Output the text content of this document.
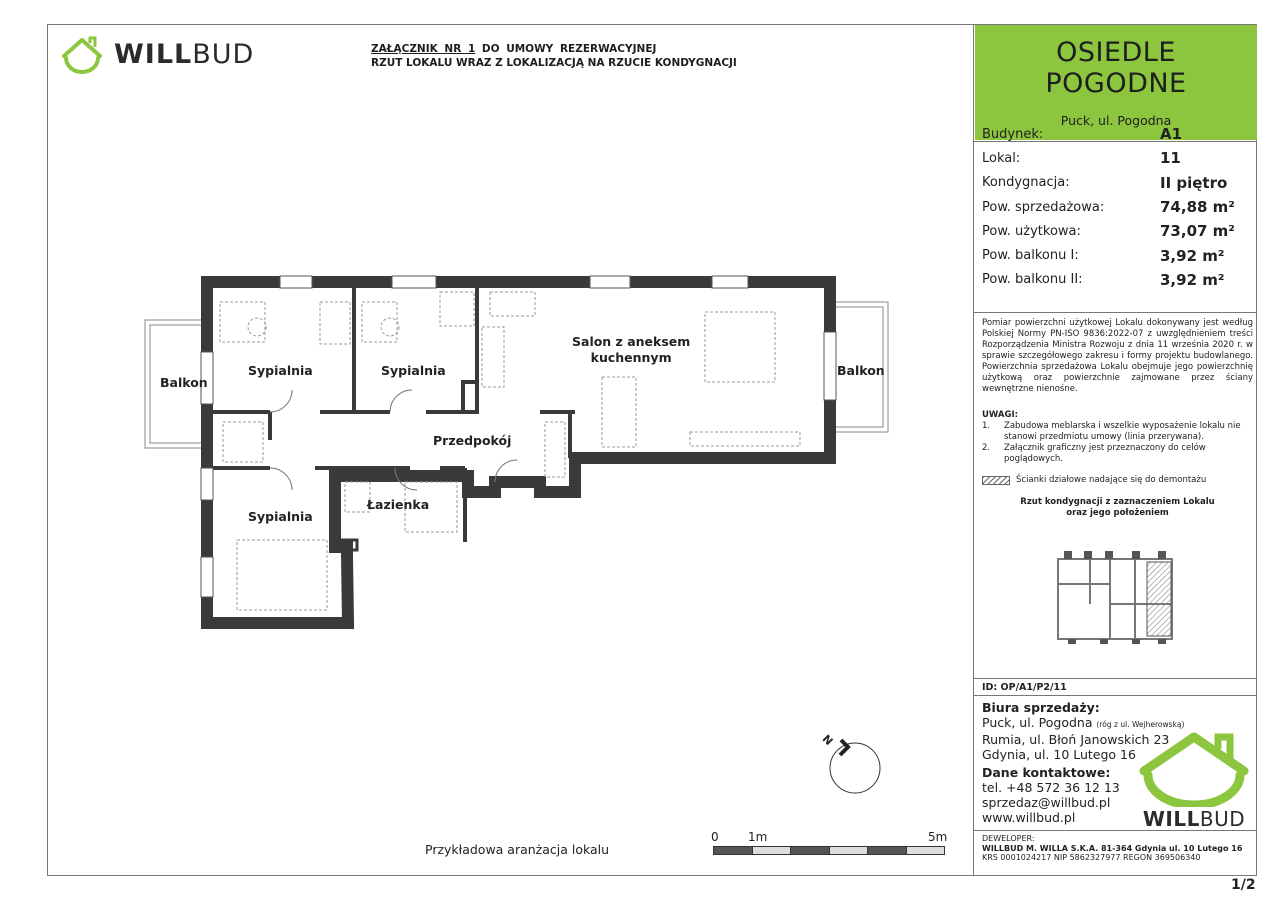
WILLBUD	ZAŁĄCZNIK NR 1 DO UMOWY REZERWACYJNEJ
RZUT LOKALU WRAZ Z LOKALIZACJĄ NA RZUCIE KONDYGNACJI
Balkon
Sypialnia	Sypialnia
Salon z aneksem
kuchennym
Balkon
Przedpokój
Łazienka
Sypialnia
N
0 1m	5m
Przykładowa aranżacja lokalu
OSIEDLE
POGODNE
Puck, ul. Pogodna
Budynek:	A1
Lokal:	11
Kondygnacja:	II piętro
Pow. sprzedażowa:	74,88 m²
Pow. użytkowa:	73,07 m²
Pow. balkonu I:	3,92 m²
Pow. balkonu II:	3,92 m²
Pomiar powierzchni użytkowej Lokalu dokonywany jest według Polskiej Normy PN-ISO 9836:2022-07 z uwzględnieniem treści Rozporządzenia Ministra Rozwoju z dnia 11 września 2020 r. w sprawie szczegółowego zakresu i formy projektu budowlanego. Powierzchnia sprzedażowa Lokalu obejmuje jego powierzchnię użytkową oraz powierzchnie zajmowane przez ściany wewnętrzne nienośne.
UWAGI:
1.	Zabudowa meblarska i wszelkie wyposażenie lokalu nie stanowi przedmiotu umowy (linia przerywana).
2.	Załącznik graficzny jest przeznaczony do celów poglądowych.
Ścianki działowe nadające się do demontażu
Rzut kondygnacji z zaznaczeniem Lokalu
oraz jego położeniem
ID: OP/A1/P2/11
Biura sprzedaży:
Puck, ul. Pogodna (róg z ul. Wejherowską)
Rumia, ul. Błoń Janowskich 23
Gdynia, ul. 10 Lutego 16
Dane kontaktowe:
tel. +48 572 36 12 13
sprzedaz@willbud.pl
www.willbud.pl	WILLBUD
DEWELOPER:
WILLBUD M. WILLA S.K.A. 81-364 Gdynia ul. 10 Lutego 16
KRS 0001024217 NIP 5862327977 REGON 369506340
1/2
